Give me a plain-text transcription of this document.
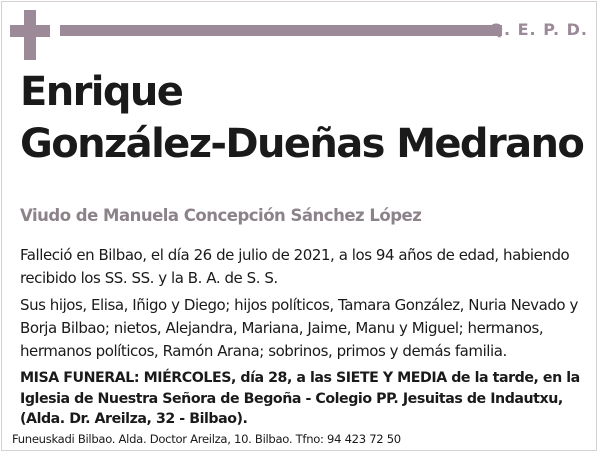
Q. E. P. D.
Enrique
González-Dueñas Medrano
Viudo de Manuela Concepción Sánchez López

Falleció en Bilbao, el día 26 de julio de 2021, a los 94 años de edad, habiendo recibido los SS. SS. y la B. A. de S. S.

Sus hijos, Elisa, Iñigo y Diego; hijos políticos, Tamara González, Nuria Nevado y Borja Bilbao; nietos, Alejandra, Mariana, Jaime, Manu y Miguel; hermanos, hermanos políticos, Ramón Arana; sobrinos, primos y demás familia.

MISA FUNERAL: MIÉRCOLES, día 28, a las SIETE Y MEDIA de la tarde, en la Iglesia de Nuestra Señora de Begoña - Colegio PP. Jesuitas de Indautxu, (Alda. Dr. Areilza, 32 - Bilbao).

Funeuskadi Bilbao. Alda. Doctor Areilza, 10. Bilbao. Tfno: 94 423 72 50
